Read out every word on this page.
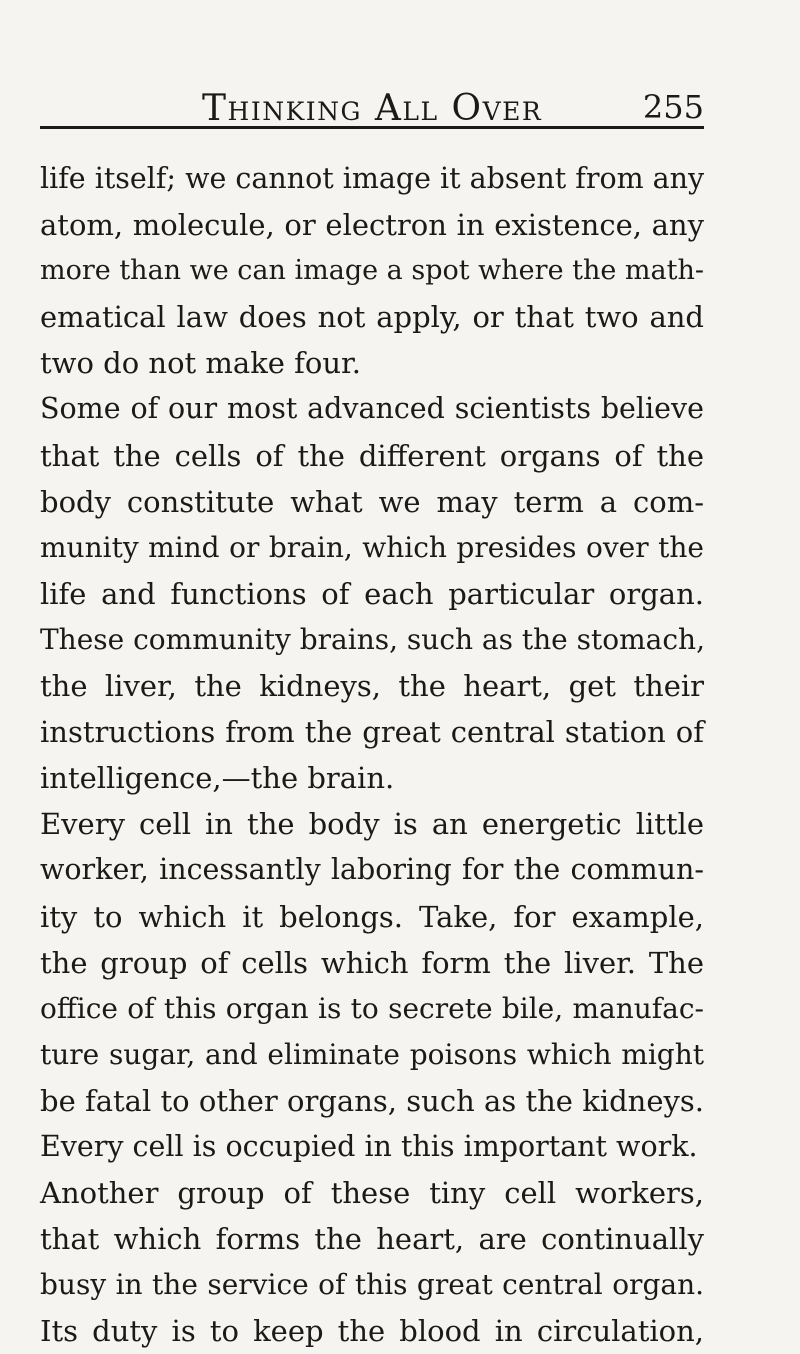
Thinking All Over	255
life itself; we cannot image it absent from any
atom, molecule, or electron in existence, any
more than we can image a spot where the math-
ematical law does not apply, or that two and
two do not make four.
Some of our most advanced scientists believe
that the cells of the different organs of the
body constitute what we may term a com-
munity mind or brain, which presides over the
life and functions of each particular organ.
These community brains, such as the stomach,
the liver, the kidneys, the heart, get their
instructions from the great central station of
intelligence,—the brain.
Every cell in the body is an energetic little
worker, incessantly laboring for the commun-
ity to which it belongs. Take, for example,
the group of cells which form the liver. The
office of this organ is to secrete bile, manufac-
ture sugar, and eliminate poisons which might
be fatal to other organs, such as the kidneys.
Every cell is occupied in this important work.
Another group of these tiny cell workers,
that which forms the heart, are continually
busy in the service of this great central organ.
Its duty is to keep the blood in circulation,
